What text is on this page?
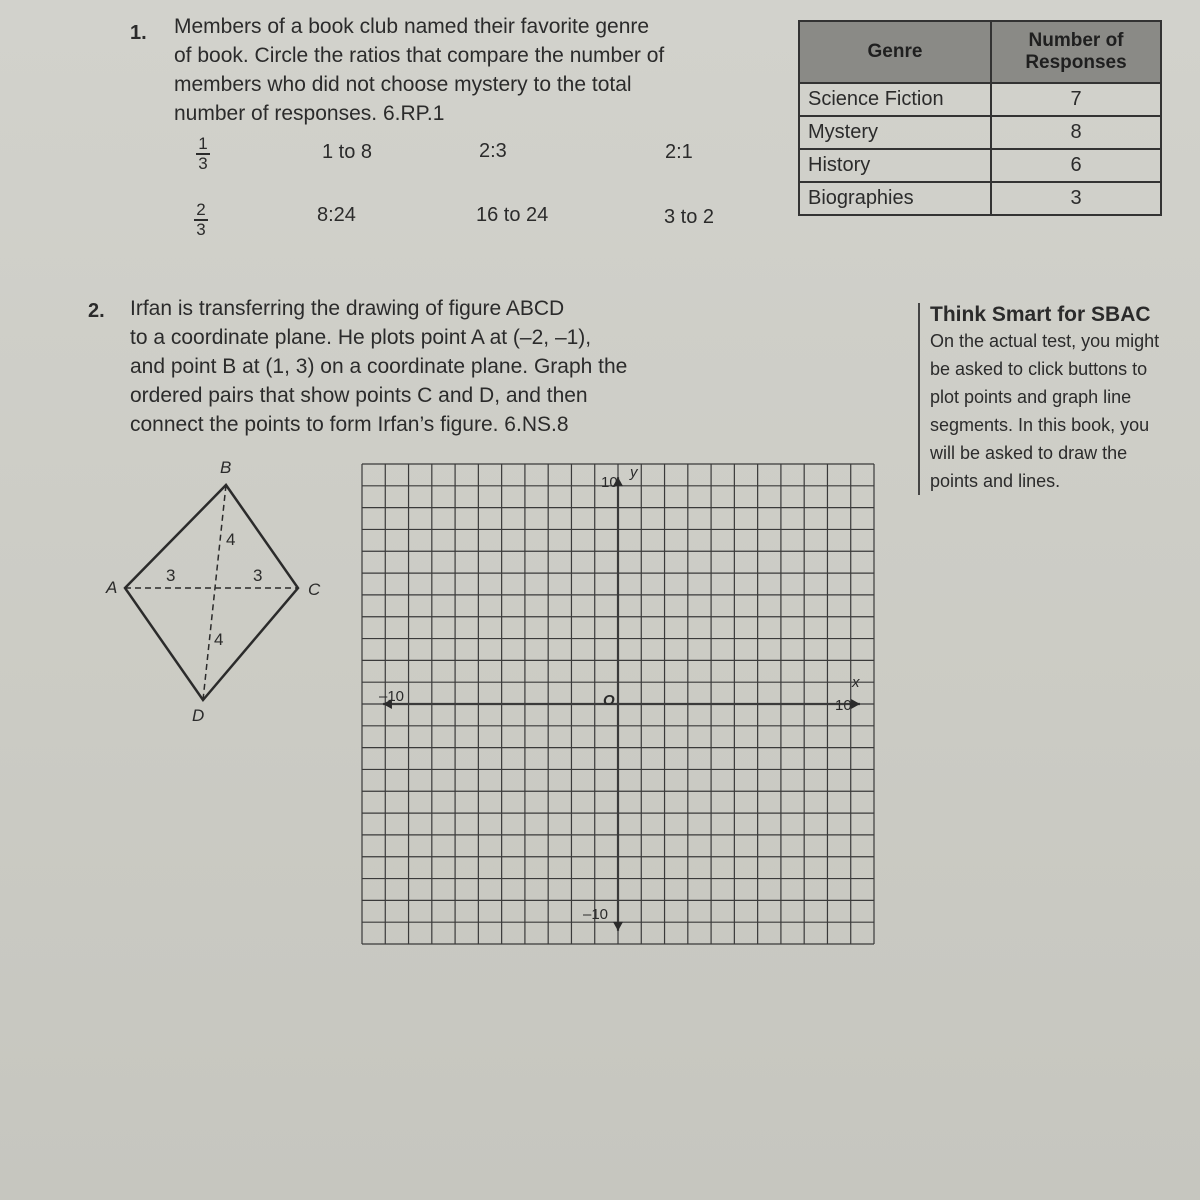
1. Members of a book club named their favorite genre

of book. Circle the ratios that compare the number of

members who did not choose mystery to the total

number of responses. 6.RP.1

1
3
1 to 8	2:3	2:1
2
3
8:24	16 to 24	3 to 2
Genre	Number of Responses
Science Fiction	7
Mystery	8
History	6
Biographies	3
2. Irfan is transferring the drawing of figure ABCD

to a coordinate plane. He plots point A at (–2, –1),

and point B at (1, 3) on a coordinate plane. Graph the

ordered pairs that show points C and D, and then

connect the points to form Irfan’s figure. 6.NS.8

Think Smart for SBAC

On the actual test, you might

be asked to click buttons to

plot points and graph line

segments. In this book, you

will be asked to draw the

points and lines.

B
A	C
D
3	3
4
4
–10
10
10
–10
O
x
y
